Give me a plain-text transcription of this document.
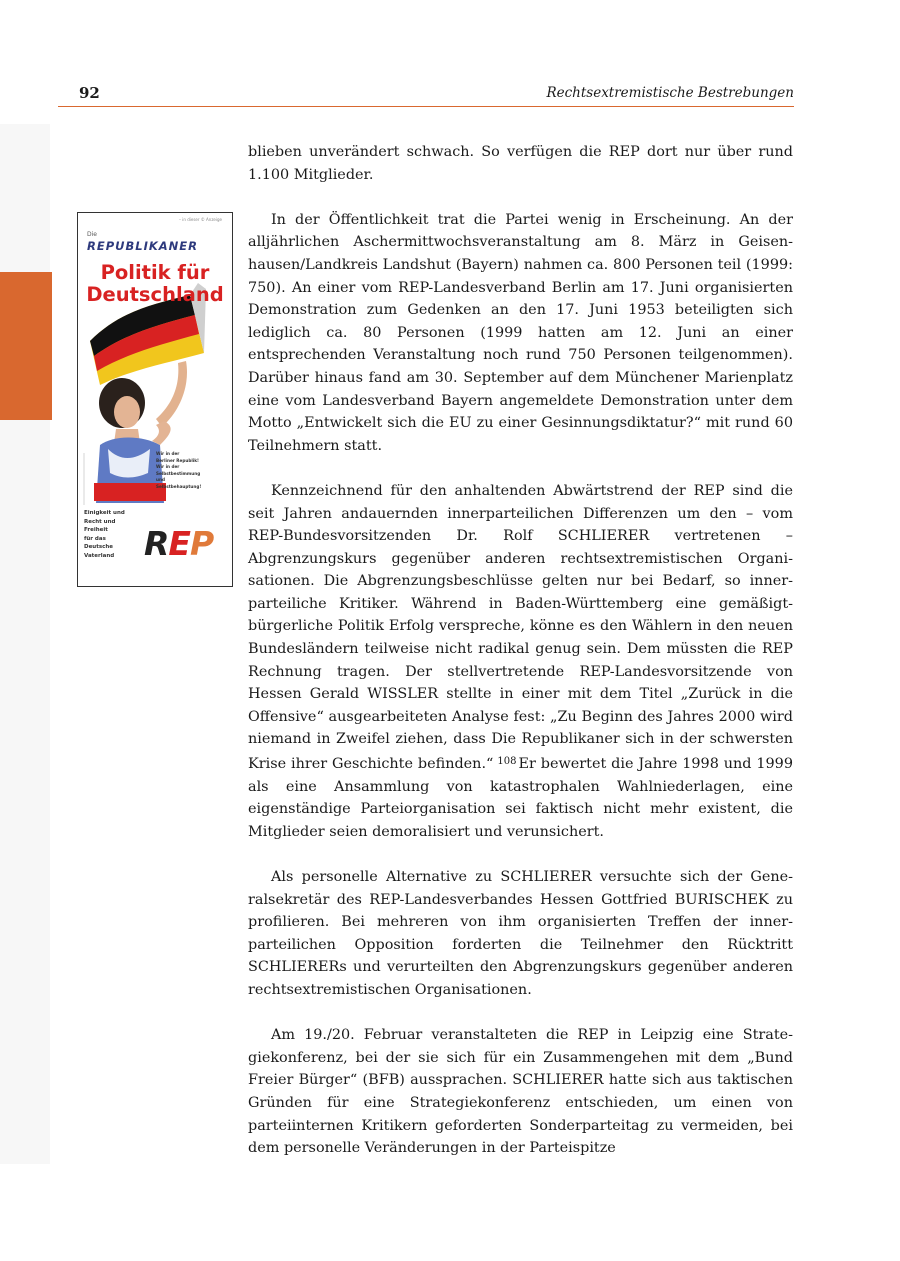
92	Rechtsextremistische Bestrebungen
– in dieser © Anzeige
Die
REPUBLIKANER
Politik für
Deutschland
Wir in der
Berliner Republik!
Wir in der
Selbstbestimmung
und
Selbstbehauptung!
Einigkeit und
Recht und
Freiheit
für das
Deutsche
Vaterland REP

blieben unverändert schwach. So verfügen die REP dort nur über rund 1.100 Mitglieder.

In der Öffentlichkeit trat die Partei wenig in Erscheinung. An der alljährlichen Aschermittwochsveranstaltung am 8. März in Geisenhausen/Landkreis Landshut (Bayern) nahmen ca. 800 Personen teil (1999: 750). An einer vom REP-Landesverband Berlin am 17. Juni organisierten Demonstration zum Gedenken an den 17. Juni 1953 beteiligten sich lediglich ca. 80 Personen (1999 hatten am 12. Juni an einer entsprechenden Veranstaltung noch rund 750 Personen teilgenommen). Darüber hinaus fand am 30. September auf dem Münchener Marienplatz eine vom Landesverband Bayern angemeldete Demonstration unter dem Motto „Entwickelt sich die EU zu einer Gesinnungsdiktatur?“ mit rund 60 Teilnehmern statt.

Kennzeichnend für den anhaltenden Abwärtstrend der REP sind die seit Jahren andauernden innerparteilichen Differenzen um den – vom REP-Bundesvorsitzenden Dr. Rolf SCHLIERER vertretenen – Abgrenzungskurs gegenüber anderen rechtsextremistischen Organisationen. Die Abgrenzungsbeschlüsse gelten nur bei Bedarf, so innerparteiliche Kritiker. Während in Baden-Württemberg eine gemäßigtbürgerliche Politik Erfolg verspreche, könne es den Wählern in den neuen Bundesländern teilweise nicht radikal genug sein. Dem müssten die REP Rechnung tragen. Der stellvertretende REP-Landesvorsitzende von Hessen Gerald WISSLER stellte in einer mit dem Titel „Zurück in die Offensive“ ausgearbeiteten Analyse fest: „Zu Beginn des Jahres 2000 wird niemand in Zweifel ziehen, dass Die Republikaner sich in der schwersten Krise ihrer Geschichte befinden.“ $^{108}$ Er bewertet die Jahre 1998 und 1999 als eine Ansammlung von katastrophalen Wahlniederlagen, eine eigenständige Parteiorganisation sei faktisch nicht mehr existent, die Mitglieder seien demoralisiert und verunsichert.

Als personelle Alternative zu SCHLIERER versuchte sich der Generalsekretär des REP-Landesverbandes Hessen Gottfried BURISCHEK zu profilieren. Bei mehreren von ihm organisierten Treffen der innerparteilichen Opposition forderten die Teilnehmer den Rücktritt SCHLIERERs und verurteilten den Abgrenzungskurs gegenüber anderen rechtsextremistischen Organisationen.

Am 19./20. Februar veranstalteten die REP in Leipzig eine Strategiekonferenz, bei der sie sich für ein Zusammengehen mit dem „Bund Freier Bürger“ (BFB) aussprachen. SCHLIERER hatte sich aus taktischen Gründen für eine Strategiekonferenz entschieden, um einen von parteiinternen Kritikern geforderten Sonderparteitag zu vermeiden, bei dem personelle Veränderungen in der Parteispitze
